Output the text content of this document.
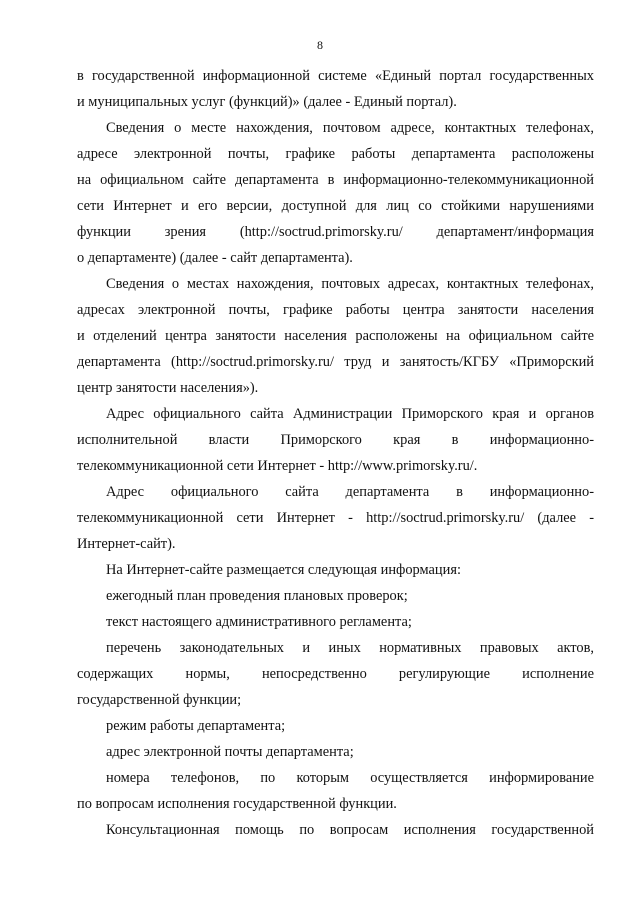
8
в государственной информационной системе «Единый портал государственных
и муниципальных услуг (функций)» (далее - Единый портал).
Сведения о месте нахождения, почтовом адресе, контактных телефонах,
адресе электронной почты, графике работы департамента расположены
на официальном сайте департамента в информационно-телекоммуникационной
сети Интернет и его версии, доступной для лиц со стойкими нарушениями
функции зрения (http://soctrud.primorsky.ru/ департамент/информация
о департаменте) (далее - сайт департамента).
Сведения о местах нахождения, почтовых адресах, контактных телефонах,
адресах электронной почты, графике работы центра занятости населения
и отделений центра занятости населения расположены на официальном сайте
департамента (http://soctrud.primorsky.ru/ труд и занятость/КГБУ «Приморский
центр занятости населения»).
Адрес официального сайта Администрации Приморского края и органов
исполнительной власти Приморского края в информационно-
телекоммуникационной сети Интернет - http://www.primorsky.ru/.
Адрес официального сайта департамента в информационно-
телекоммуникационной сети Интернет - http://soctrud.primorsky.ru/ (далее -
Интернет-сайт).
На Интернет-сайте размещается следующая информация:
ежегодный план проведения плановых проверок;
текст настоящего административного регламента;
перечень законодательных и иных нормативных правовых актов,
содержащих нормы, непосредственно регулирующие исполнение
государственной функции;
режим работы департамента;
адрес электронной почты департамента;
номера телефонов, по которым осуществляется информирование
по вопросам исполнения государственной функции.
Консультационная помощь по вопросам исполнения государственной
